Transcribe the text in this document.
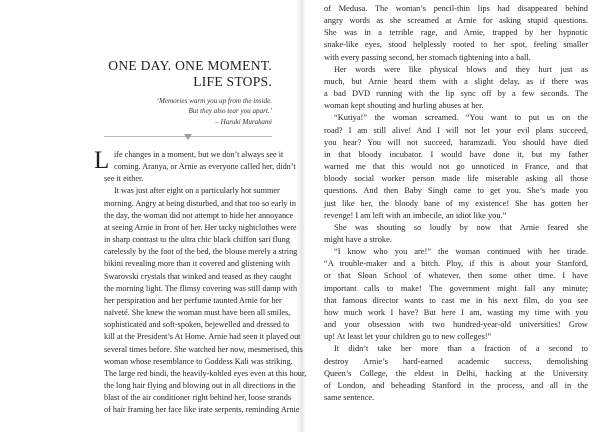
ONE DAY. ONE MOMENT.
LIFE STOPS.
‘Memories warm you up from the inside.
But they also tear you apart.’
– Haruki Murakami
L ife changes in a moment, but we don’t always see it
coming. Aranya, or Arnie as everyone called her, didn’t
see it either.
It was just after eight on a particularly hot summer
morning. Angry at being disturbed, and that too so early in
the day, the woman did not attempt to hide her annoyance
at seeing Arnie in front of her. Her tacky nightclothes were
in sharp contrast to the ultra chic black chiffon sari flung
carelessly by the foot of the bed, the blouse merely a string
bikini revealing more than it covered and glistening with
Swarovski crystals that winked and teased as they caught
the morning light. The flimsy covering was still damp with
her perspiration and her perfume taunted Arnie for her
naïveté. She knew the woman must have been all smiles,
sophisticated and soft-spoken, bejewelled and dressed to
kill at the President’s At Home. Arnie had seen it played out
several times before. She watched her now, mesmerised, this
woman whose resemblance to Goddess Kali was striking.
The large red bindi, the heavily-kohled eyes even at this hour,
the long hair flying and blowing out in all directions in the
blast of the air conditioner right behind her, loose strands
of hair framing her face like irate serpents, reminding Arnie
of Medusa. The woman’s pencil-thin lips had disappeared behind
angry words as she screamed at Arnie for asking stupid questions.
She was in a terrible rage, and Arnie, trapped by her hypnotic
snake-like eyes, stood helplessly rooted to her spot, feeling smaller
with every passing second, her stomach tightening into a ball.
Her words were like physical blows and they hurt just as
much, but Arnie heard them with a slight delay, as if there was
a bad DVD running with the lip sync off by a few seconds. The
woman kept shouting and hurling abuses at her.
“Kutiya!” the woman screamed. “You want to put us on the
road? I am still alive! And I will not let your evil plans succeed,
you hear? You will not succeed, haramzadi. You should have died
in that bloody incubator. I would have done it, but my father
warned me that this would not go unnoticed in France, and that
bloody social worker person made life miserable asking all those
questions. And then Baby Singh came to get you. She’s made you
just like her, the bloody bane of my existence! She has gotten her
revenge! I am left with an imbecile, an idiot like you.”
She was shouting so loudly by now that Arnie feared she
might have a stroke.
“I know who you are!” the woman continued with her tirade.
“A trouble-maker and a bitch. Ploy, if this is about your Stanford,
or that Sloan School of whatever, then some other time. I have
important calls to make! The government might fall any minute;
that famous director wants to cast me in his next film, do you see
how much work I have? But here I am, wasting my time with you
and your obsession with two hundred-year-old universities! Grow
up! At least let your children go to new colleges!”
It didn’t take her more than a fraction of a second to
destroy Arnie’s hard-earned academic success, demolishing
Queen’s College, the eldest in Delhi, hacking at the University
of London, and beheading Stanford in the process, and all in the
same sentence.
